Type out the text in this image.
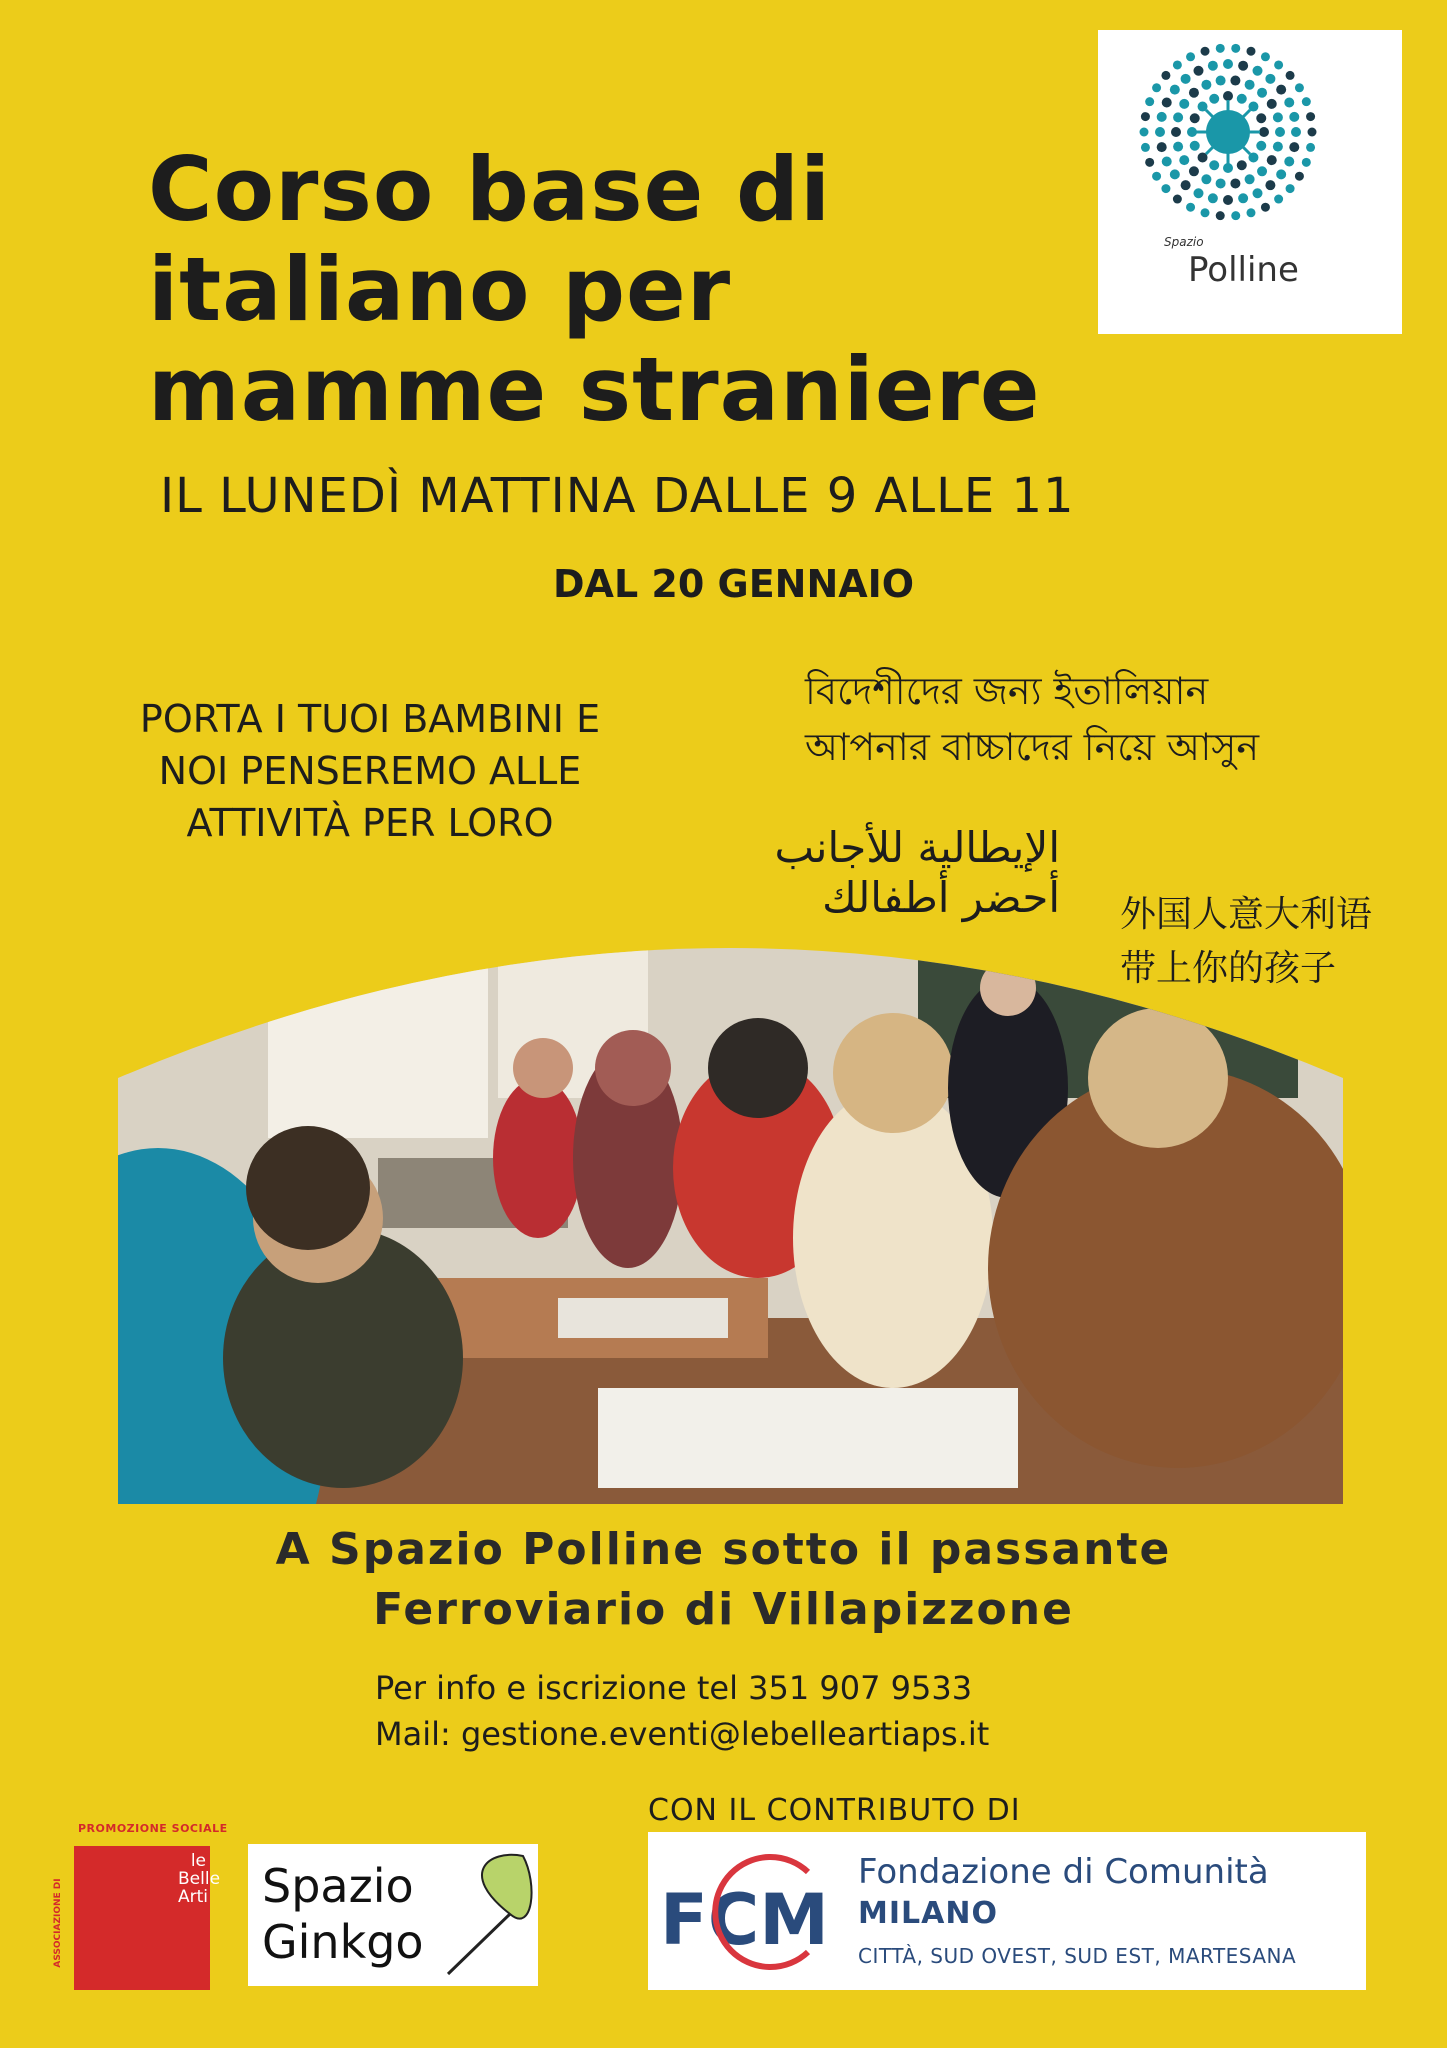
Corso base di
italiano per
mamme straniere
Spazio
Polline
IL LUNEDÌ MATTINA DALLE 9 ALLE 11
DAL 20 GENNAIO
PORTA I TUOI BAMBINI E
NOI PENSEREMO ALLE
ATTIVITÀ PER LORO
বিদেশীদের জন্য ইতালিয়ান
আপনার বাচ্চাদের নিয়ে আসুন
الإيطالية للأجانب
أحضر أطفالك 外国人意大利语
带上你的孩子
A Spazio Polline sotto il passante
Ferroviario di Villapizzone
Per info e iscrizione tel 351 907 9533
Mail: gestione.eventi@lebelleartiaps.it
CON IL CONTRIBUTO DI
PROMOZIONE SOCIALE
ASSOCIAZIONE DI
le Belle Arti Spazio
Ginkgo	FCM
Fondazione di Comunità
MILANO
CITTÀ, SUD OVEST, SUD EST, MARTESANA
